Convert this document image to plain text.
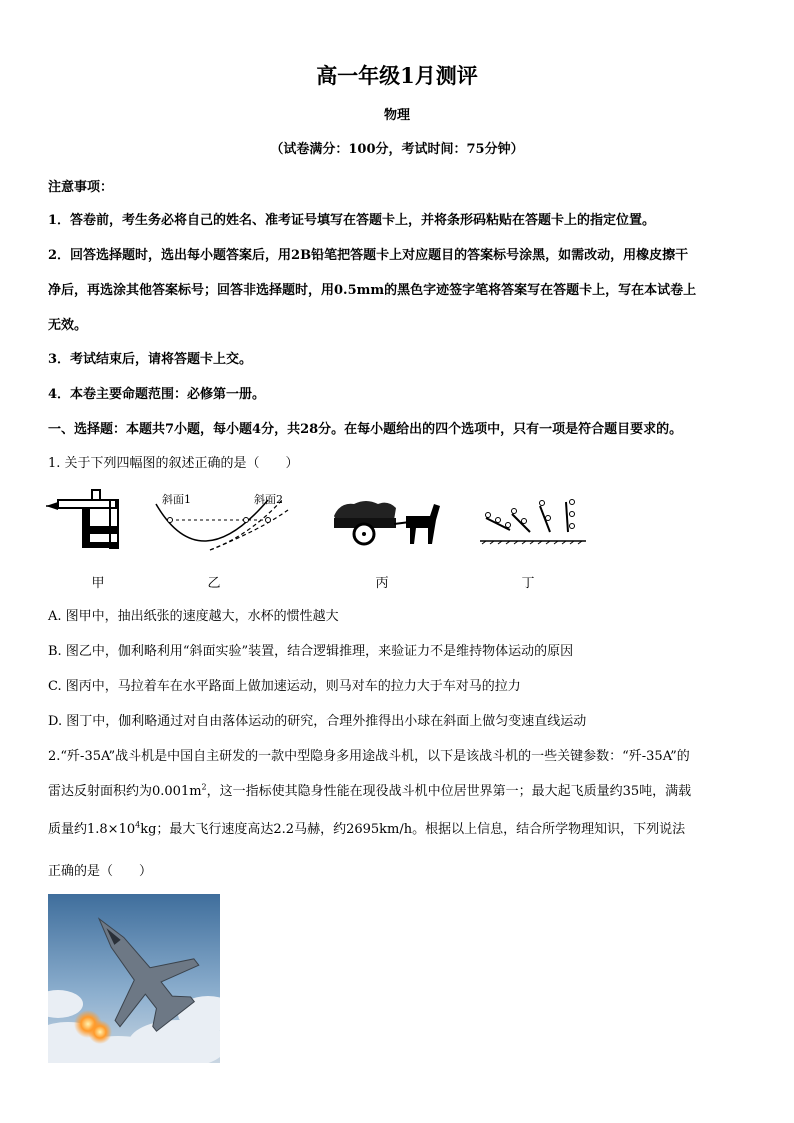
高一年级1月测评
物理
（试卷满分：100分，考试时间：75分钟）
注意事项：
1．答卷前，考生务必将自己的姓名、准考证号填写在答题卡上，并将条形码粘贴在答题卡上的指定位置。
2．回答选择题时，选出每小题答案后，用2B铅笔把答题卡上对应题目的答案标号涂黑，如需改动，用橡皮擦干
净后，再选涂其他答案标号；回答非选择题时，用0.5mm的黑色字迹签字笔将答案写在答题卡上，写在本试卷上
无效。
3．考试结束后，请将答题卡上交。
4．本卷主要命题范围：必修第一册。
一、选择题：本题共7小题，每小题4分，共28分。在每小题给出的四个选项中，只有一项是符合题目要求的。
1. 关于下列四幅图的叙述正确的是（　　）
斜面1	斜面2
甲	乙	丙	丁
A. 图甲中，抽出纸张的速度越大，水杯的惯性越大
B. 图乙中，伽利略利用“斜面实验”装置，结合逻辑推理，来验证力不是维持物体运动的原因
C. 图丙中，马拉着车在水平路面上做加速运动，则马对车的拉力大于车对马的拉力
D. 图丁中，伽利略通过对自由落体运动的研究，合理外推得出小球在斜面上做匀变速直线运动
2.“歼-35A”战斗机是中国自主研发的一款中型隐身多用途战斗机，以下是该战斗机的一些关键参数：“歼-35A”的
雷达反射面积约为$0.001m^2$，这一指标使其隐身性能在现役战斗机中位居世界第一；最大起飞质量约35吨，满载
质量约$1.8\times 10^4kg$；最大飞行速度高达2.2马赫，约2695km/h。根据以上信息，结合所学物理知识，下列说法
正确的是（　　）
